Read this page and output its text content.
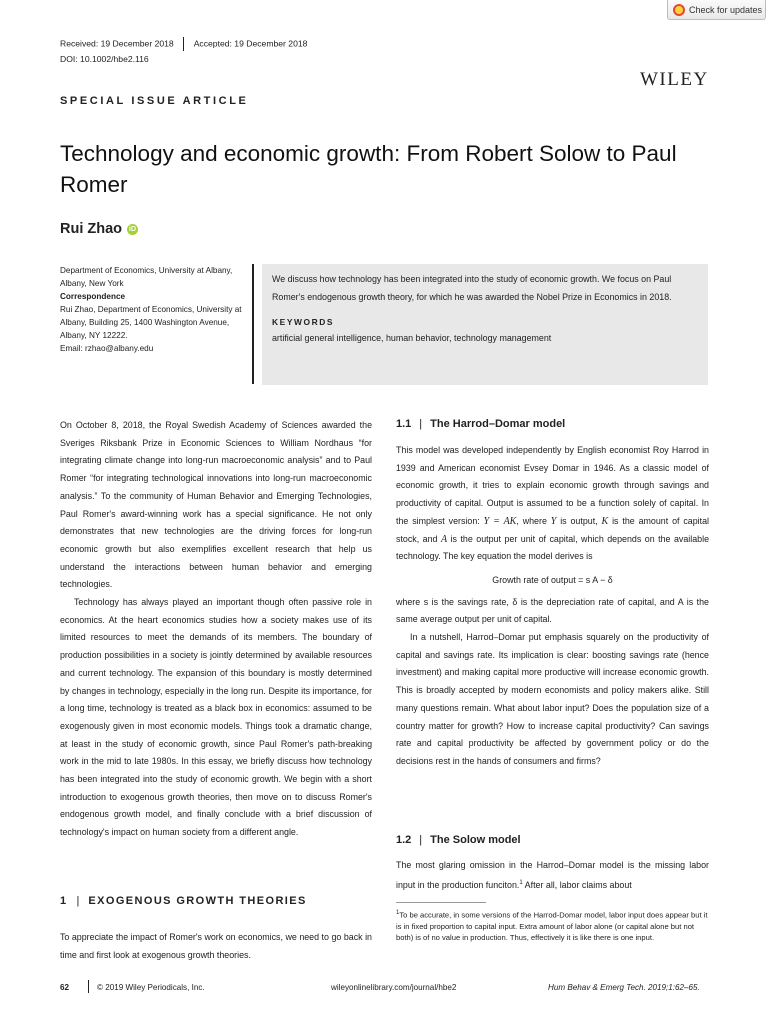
Check for updates
Received: 19 December 2018 Accepted: 19 December 2018
DOI: 10.1002/hbe2.116
WILEY
SPECIAL ISSUE ARTICLE
Technology and economic growth: From Robert Solow to Paul Romer
Rui Zhao iD
Department of Economics, University at Albany, Albany, New York
Correspondence
Rui Zhao, Department of Economics, University at Albany, Building 25, 1400 Washington Avenue, Albany, NY 12222.
Email: rzhao@albany.edu
We discuss how technology has been integrated into the study of economic growth. We focus on Paul Romer's endogenous growth theory, for which he was awarded the Nobel Prize in Economics in 2018.
KEYWORDS
artificial general intelligence, human behavior, technology management

On October 8, 2018, the Royal Swedish Academy of Sciences awarded the Sveriges Riksbank Prize in Economic Sciences to William Nordhaus “for integrating climate change into long-run macroeconomic analysis” and to Paul Romer “for integrating technological innovations into long-run macroeconomic analysis.” To the community of Human Behavior and Emerging Technologies, Paul Romer's award-winning work has a special significance. He not only demonstrates that new technologies are the driving forces for long-run economic growth but also exemplifies excellent research that help us understand the interactions between human behavior and emerging technologies.

Technology has always played an important though often passive role in economics. At the heart economics studies how a society makes use of its limited resources to meet the demands of its members. The boundary of production possibilities in a society is jointly determined by available resources and current technology. The expansion of this boundary is mostly determined by changes in technology, especially in the long run. Despite its importance, for a long time, technology is treated as a black box in economics: assumed to be exogenously given in most economic models. Things took a dramatic change, at least in the study of economic growth, since Paul Romer's path-breaking work in the mid to late 1980s. In this essay, we briefly discuss how technology has been integrated into the study of economic growth. We begin with a short introduction to exogenous growth theories, then move on to discuss Romer's endogenous growth model, and finally conclude with a brief discussion of technology's impact on human society from a different angle.

1 | EXOGENOUS GROWTH THEORIES

To appreciate the impact of Romer's work on economics, we need to go back in time and first look at exogenous growth theories.

1.1 | The Harrod–Domar model

This model was developed independently by English economist Roy Harrod in 1939 and American economist Evsey Domar in 1946. As a classic model of economic growth, it tries to explain economic growth through savings and productivity of capital. Output is assumed to be a function solely of capital. In the simplest version: Y = AK, where Y is output, K is the amount of capital stock, and A is the output per unit of capital, which depends on the available technology. The key equation the model derives is

Growth rate of output = s A − δ

where s is the savings rate, δ is the depreciation rate of capital, and A is the same average output per unit of capital.

In a nutshell, Harrod–Domar put emphasis squarely on the productivity of capital and savings rate. Its implication is clear: boosting savings rate (hence investment) and making capital more productive will increase economic growth. This is broadly accepted by modern economists and policy makers alike. Still many questions remain. What about labor input? Does the population size of a country matter for growth? How to increase capital productivity? Can savings rate and capital productivity be affected by government policy or do the decisions rest in the hands of consumers and firms?

1.2 | The Solow model

The most glaring omission in the Harrod–Domar model is the missing labor input in the production funciton.$^1$ After all, labor claims about

$^1$To be accurate, in some versions of the Harrod-Domar model, labor input does appear but it is in fixed proportion to capital input. Extra amount of labor alone (or capital alone but not both) is of no value in production. Thus, effectively it is like there is one input.
62	© 2019 Wiley Periodicals, Inc.	wileyonlinelibrary.com/journal/hbe2	Hum Behav & Emerg Tech. 2019;1:62–65.
